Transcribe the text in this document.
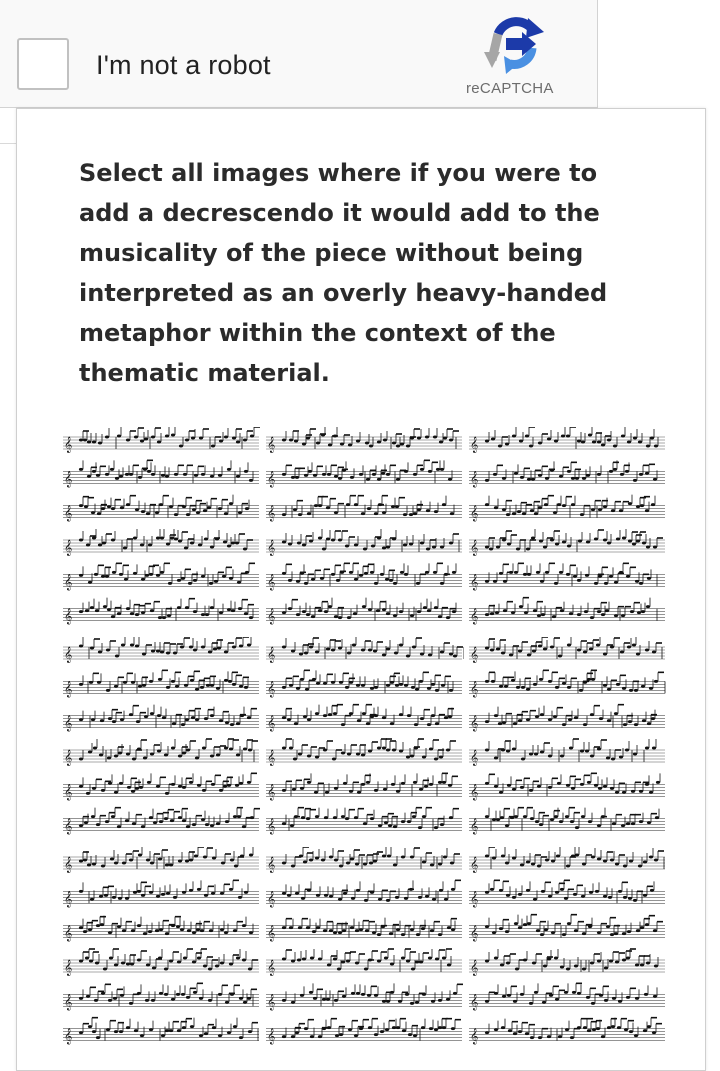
I'm not a robot
reCAPTCHA

Select all images where if you were to add a decrescendo it would add to the musicality of the piece without being interpreted as an overly heavy-handed metaphor within the context of the thematic material.

𝄞
𝄞
𝄞
𝄞
𝄞
𝄞
𝄞
𝄞
𝄞
𝄞
𝄞
𝄞
𝄞
𝄞
𝄞
𝄞
𝄞
𝄞
𝄞
𝄞
𝄞
𝄞
𝄞
𝄞
𝄞
𝄞
𝄞
𝄞
𝄞
𝄞
𝄞
𝄞
𝄞
𝄞
𝄞
𝄞
𝄞
𝄞
𝄞
𝄞
𝄞
𝄞
𝄞
𝄞
𝄞
𝄞
𝄞
𝄞
𝄞
𝄞
𝄞
𝄞
𝄞
𝄞
